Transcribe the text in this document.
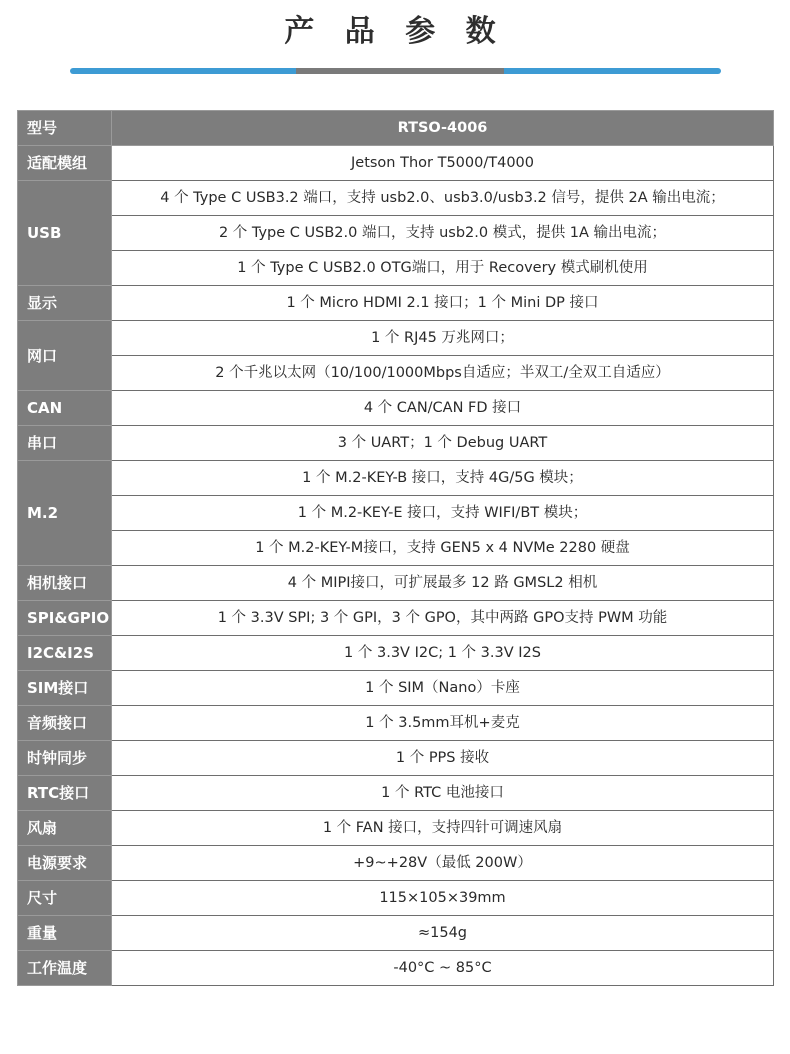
产 品 参 数
型号	RTSO-4006
适配模组	Jetson Thor T5000/T4000
USB	4 个 Type C USB3.2 端口，支持 usb2.0、usb3.0/usb3.2 信号，提供 2A 输出电流；
	2 个 Type C USB2.0 端口，支持 usb2.0 模式，提供 1A 输出电流；
	1 个 Type C USB2.0 OTG端口，用于 Recovery 模式刷机使用
显示	1 个 Micro HDMI 2.1 接口；1 个 Mini DP 接口
网口	1 个 RJ45 万兆网口；
	2 个千兆以太网（10/100/1000Mbps自适应；半双工/全双工自适应）
CAN	4 个 CAN/CAN FD 接口
串口	3 个 UART；1 个 Debug UART
M.2	1 个 M.2-KEY-B 接口，支持 4G/5G 模块；
	1 个 M.2-KEY-E 接口，支持 WIFI/BT 模块；
	1 个 M.2-KEY-M接口，支持 GEN5 x 4 NVMe 2280 硬盘
相机接口	4 个 MIPI接口，可扩展最多 12 路 GMSL2 相机
SPI&GPIO	1 个 3.3V SPI; 3 个 GPI，3 个 GPO，其中两路 GPO支持 PWM 功能
I2C&I2S	1 个 3.3V I2C; 1 个 3.3V I2S
SIM接口	1 个 SIM（Nano）卡座
音频接口	1 个 3.5mm耳机+麦克
时钟同步	1 个 PPS 接收
RTC接口	1 个 RTC 电池接口
风扇	1 个 FAN 接口，支持四针可调速风扇
电源要求	+9~+28V（最低 200W）
尺寸	115×105×39mm
重量	≈154g
工作温度	-40°C ~ 85°C
